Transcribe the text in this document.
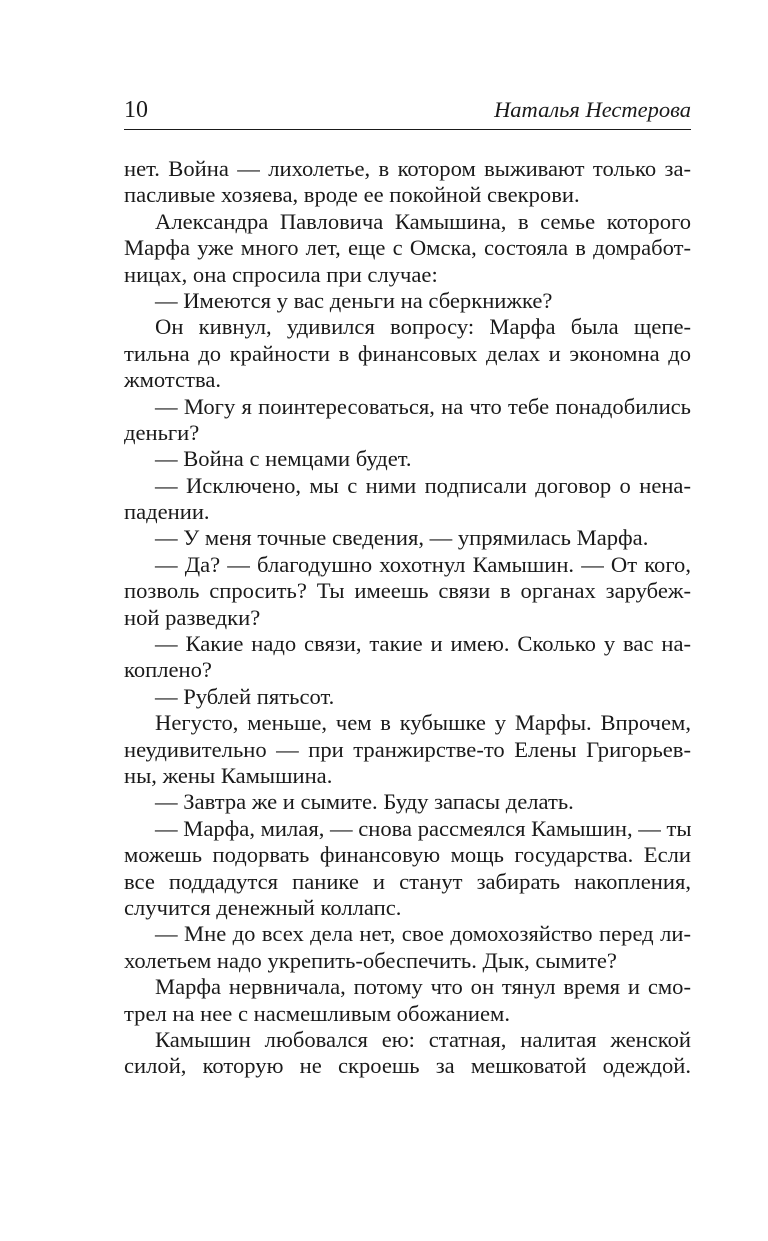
10	Наталья Нестерова
нет. Война — лихолетье, в котором выживают только за-
пасливые хозяева, вроде ее покойной свекрови.
Александра Павловича Камышина, в семье которого
Марфа уже много лет, еще с Омска, состояла в домработ-
ницах, она спросила при случае:
— Имеются у вас деньги на сберкнижке?
Он кивнул, удивился вопросу: Марфа была щепе-
тильна до крайности в финансовых делах и экономна до
жмотства.
— Могу я поинтересоваться, на что тебе понадобились
деньги?
— Война с немцами будет.
— Исключено, мы с ними подписали договор о нена-
падении.
— У меня точные сведения, — упрямилась Марфа.
— Да? — благодушно хохотнул Камышин. — От кого,
позволь спросить? Ты имеешь связи в органах зарубеж-
ной разведки?
— Какие надо связи, такие и имею. Сколько у вас на-
коплено?
— Рублей пятьсот.
Негусто, меньше, чем в кубышке у Марфы. Впрочем,
неудивительно — при транжирстве-то Елены Григорьев-
ны, жены Камышина.
— Завтра же и сымите. Буду запасы делать.
— Марфа, милая, — снова рассмеялся Камышин, — ты
можешь подорвать финансовую мощь государства. Если
все поддадутся панике и станут забирать накопления,
случится денежный коллапс.
— Мне до всех дела нет, свое домохозяйство перед ли-
холетьем надо укрепить-обеспечить. Дык, сымите?
Марфа нервничала, потому что он тянул время и смо-
трел на нее с насмешливым обожанием.
Камышин любовался ею: статная, налитая женской
силой, которую не скроешь за мешковатой одеждой.
